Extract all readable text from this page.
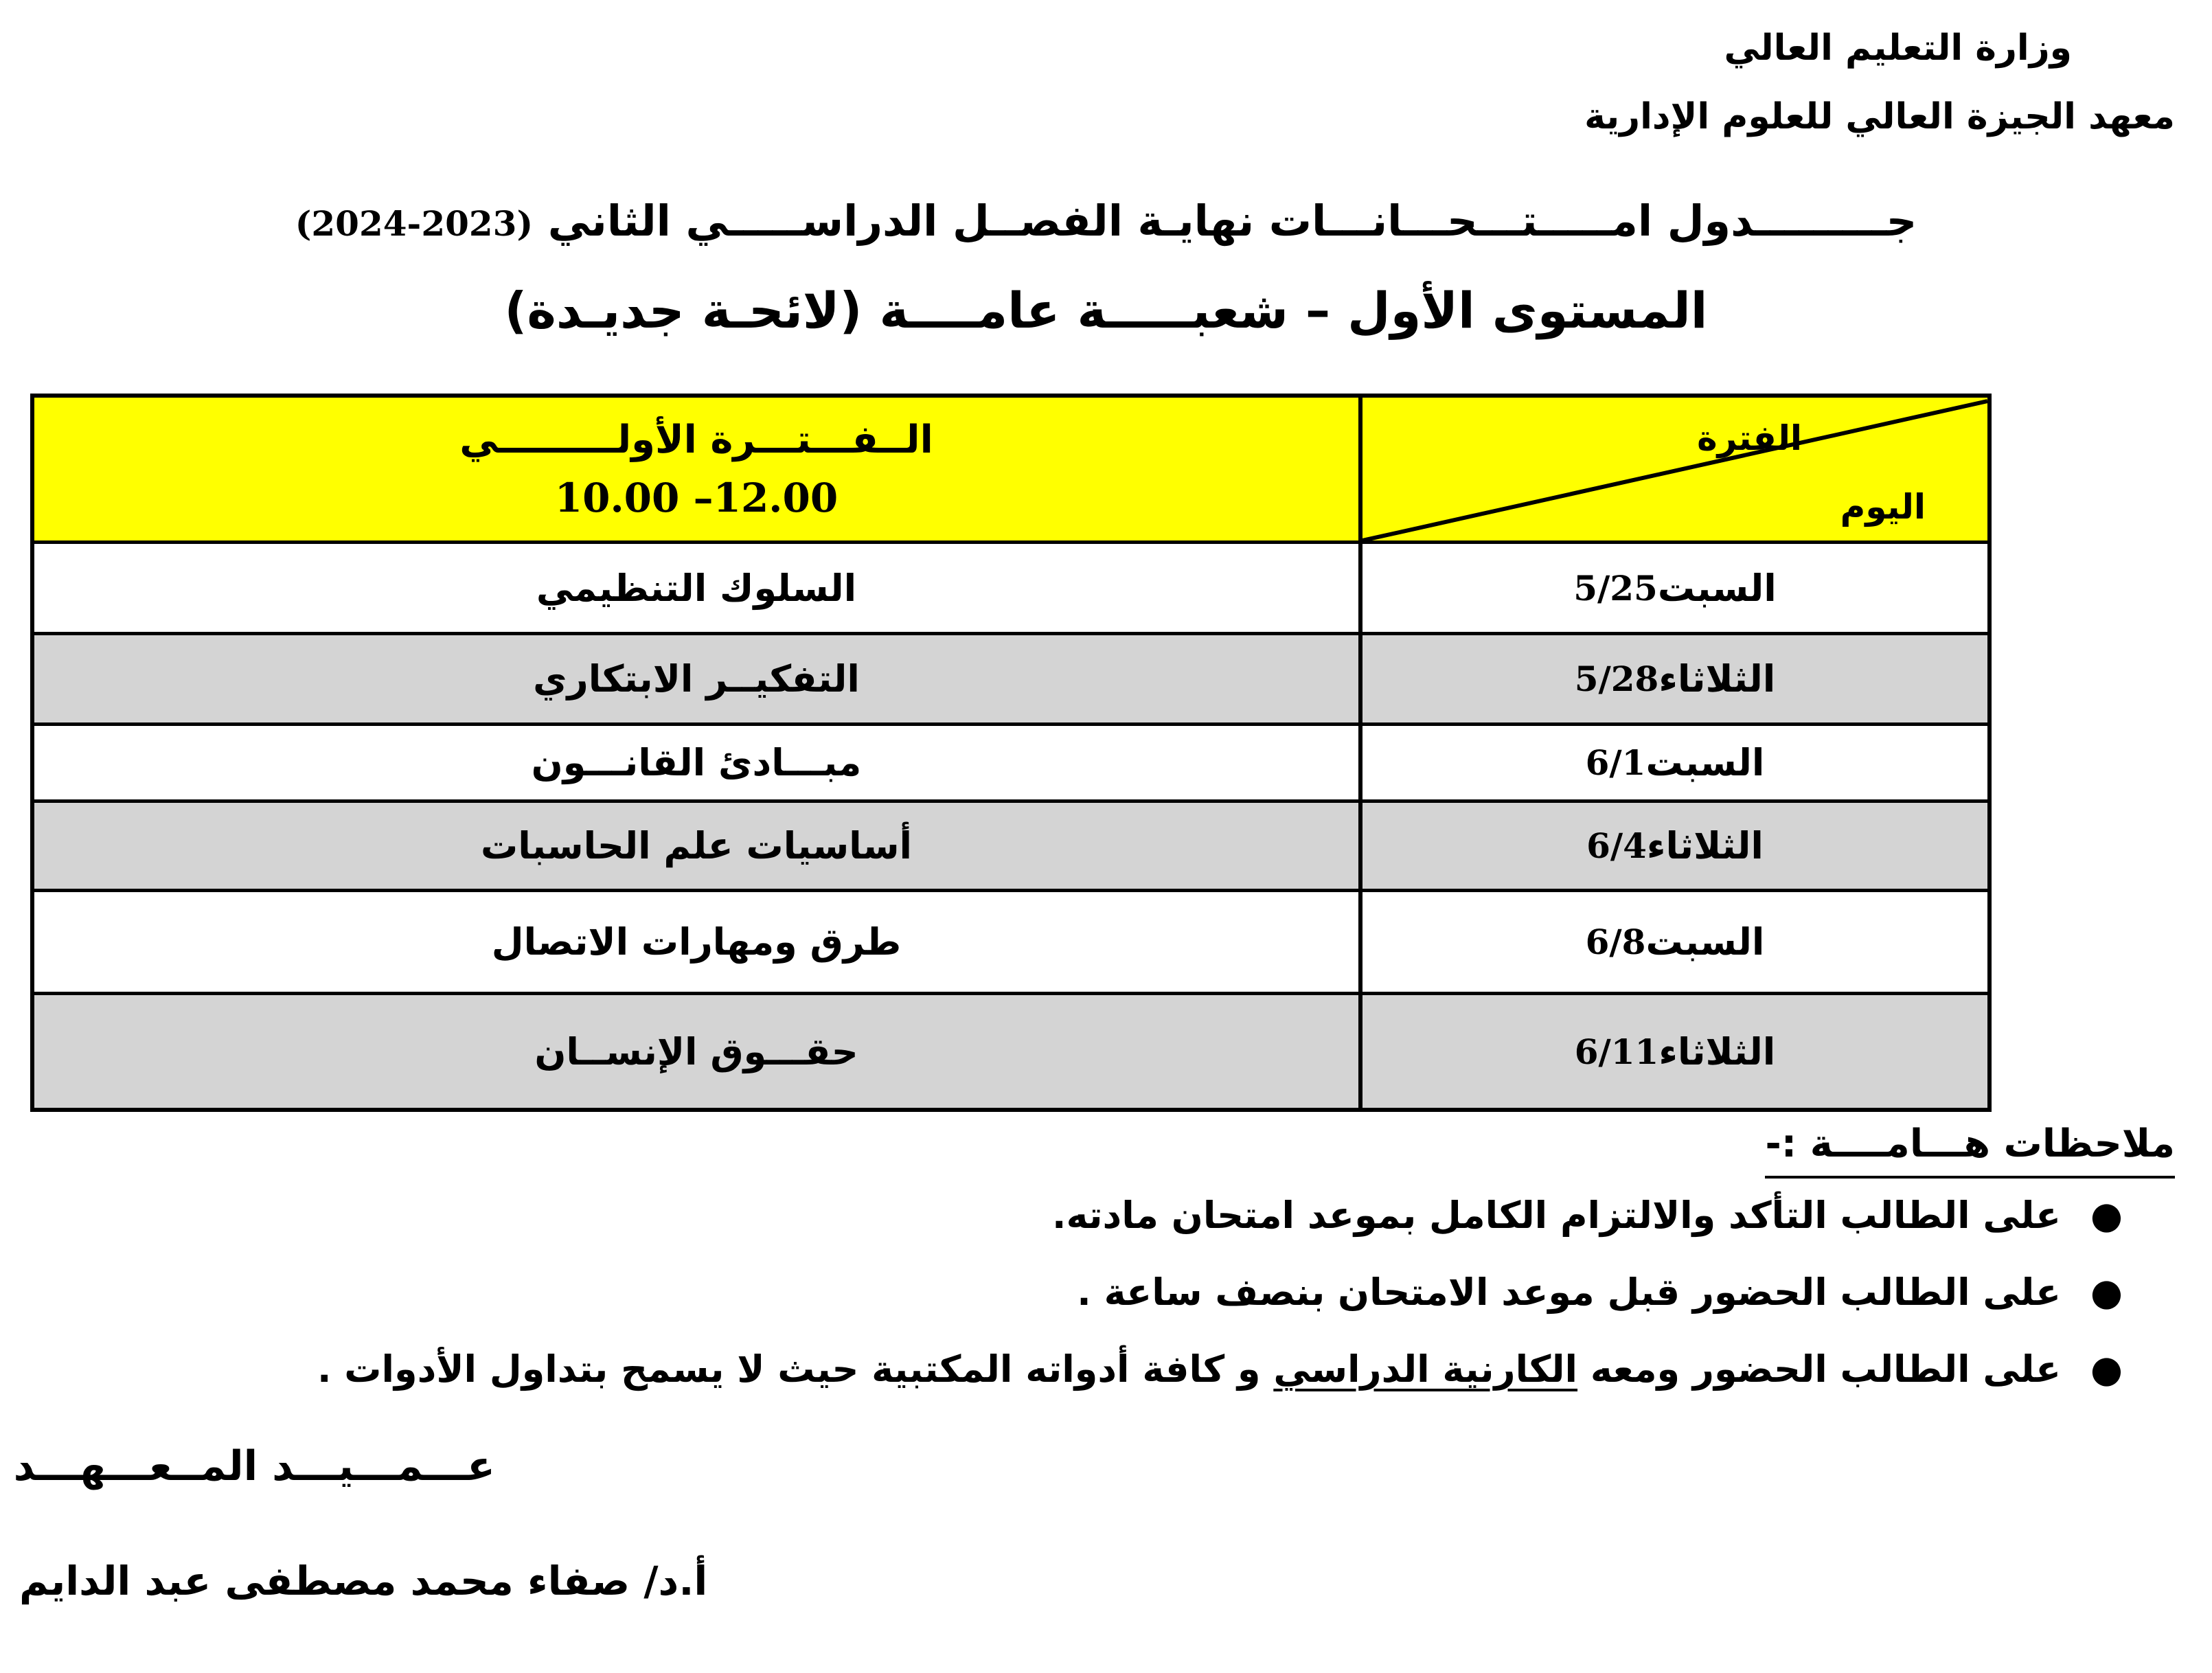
وزارة التعليم العالي
معهد الجيزة العالي للعلوم الإدارية
جـــــــــدول امـــــتـــحـــانـــات نهايـة الفصــل الدراســـــي الثاني (2023-2024)
المستوى الأول – شعبـــــة عامــــة (لائحـة جديـدة)
الفترة
اليوم
الــفـــتـــرة الأولـــــــــي
10.00 –12.00
السبت
5/25
السلوك التنظيمي
الثلاثاء
5/28
التفكيــر الابتكاري
السبت
6/1
مبـــادئ القانـــون
الثلاثاء
6/4
أساسيات علم الحاسبات
السبت
6/8
طرق ومهارات الاتصال
الثلاثاء
6/11
حقـــوق الإنســان
ملاحظات هـــامــــة :-
●
على الطالب التأكد والالتزام الكامل بموعد امتحان مادته.
●
على الطالب الحضور قبل موعد الامتحان بنصف ساعة .
●
على الطالب الحضور ومعه الكارنية الدراسي و كافة أدواته المكتبية حيث لا يسمح بتداول الأدوات .
عـــمـــيـــد المــعـــهـــد
أ.د/ صفاء محمد مصطفى عبد الدايم
